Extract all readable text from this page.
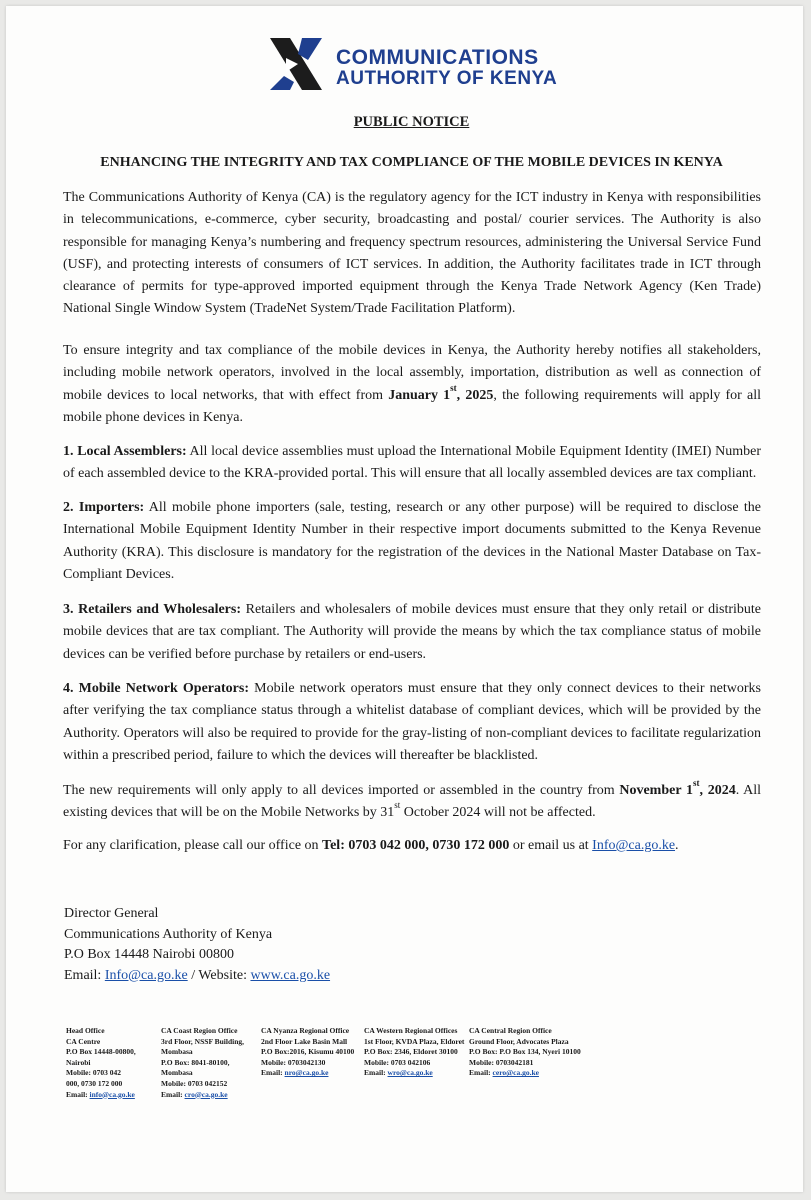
COMMUNICATIONS
AUTHORITY OF KENYA
PUBLIC NOTICE
ENHANCING THE INTEGRITY AND TAX COMPLIANCE OF THE MOBILE DEVICES IN KENYA

The Communications Authority of Kenya (CA) is the regulatory agency for the ICT industry in Kenya with responsibilities in telecommunications, e-commerce, cyber security, broadcasting and postal/ courier services. The Authority is also responsible for managing Kenya’s numbering and frequency spectrum resources, administering the Universal Service Fund (USF), and protecting interests of consumers of ICT services. In addition, the Authority facilitates trade in ICT through clearance of permits for type-approved imported equipment through the Kenya Trade Network Agency (Ken Trade) National Single Window System (TradeNet System/Trade Facilitation Platform).

To ensure integrity and tax compliance of the mobile devices in Kenya, the Authority hereby notifies all stakeholders, including mobile network operators, involved in the local assembly, importation, distribution as well as connection of mobile devices to local networks, that with effect from January 1st, 2025, the following requirements will apply for all mobile phone devices in Kenya.

1. Local Assemblers: All local device assemblies must upload the International Mobile Equipment Identity (IMEI) Number of each assembled device to the KRA-provided portal. This will ensure that all locally assembled devices are tax compliant.

2. Importers: All mobile phone importers (sale, testing, research or any other purpose) will be required to disclose the International Mobile Equipment Identity Number in their respective import documents submitted to the Kenya Revenue Authority (KRA). This disclosure is mandatory for the registration of the devices in the National Master Database on Tax-Compliant Devices.

3. Retailers and Wholesalers: Retailers and wholesalers of mobile devices must ensure that they only retail or distribute mobile devices that are tax compliant. The Authority will provide the means by which the tax compliance status of mobile devices can be verified before purchase by retailers or end-users.

4. Mobile Network Operators: Mobile network operators must ensure that they only connect devices to their networks after verifying the tax compliance status through a whitelist database of compliant devices, which will be provided by the Authority. Operators will also be required to provide for the gray-listing of non-compliant devices to facilitate regularization within a prescribed period, failure to which the devices will thereafter be blacklisted.

The new requirements will only apply to all devices imported or assembled in the country from November 1st, 2024. All existing devices that will be on the Mobile Networks by 31st October 2024 will not be affected.

For any clarification, please call our office on Tel: 0703 042 000, 0730 172 000 or email us at Info@ca.go.ke.

Director General
Communications Authority of Kenya
P.O Box 14448 Nairobi 00800
Email: Info@ca.go.ke / Website: www.ca.go.ke
Head Office
CA Centre
P.O Box 14448-00800,
Nairobi
Mobile: 0703 042
000, 0730 172 000
Email: info@ca.go.ke
CA Coast Region Office
3rd Floor, NSSF Building,
Mombasa
P.O Box: 8041-80100,
Mombasa
Mobile: 0703 042152
Email: cro@ca.go.ke
CA Nyanza Regional Office
2nd Floor Lake Basin Mall
P.O Box:2016, Kisumu 40100
Mobile: 0703042130
Email: nro@ca.go.ke
CA Western Regional Offices
1st Floor, KVDA Plaza, Eldoret
P.O Box: 2346, Eldoret 30100
Mobile: 0703 042106
Email: wro@ca.go.ke
CA Central Region Office
Ground Floor, Advocates Plaza
P.O Box: P.O Box 134, Nyeri 10100
Mobile: 0703042181
Email: cero@ca.go.ke
